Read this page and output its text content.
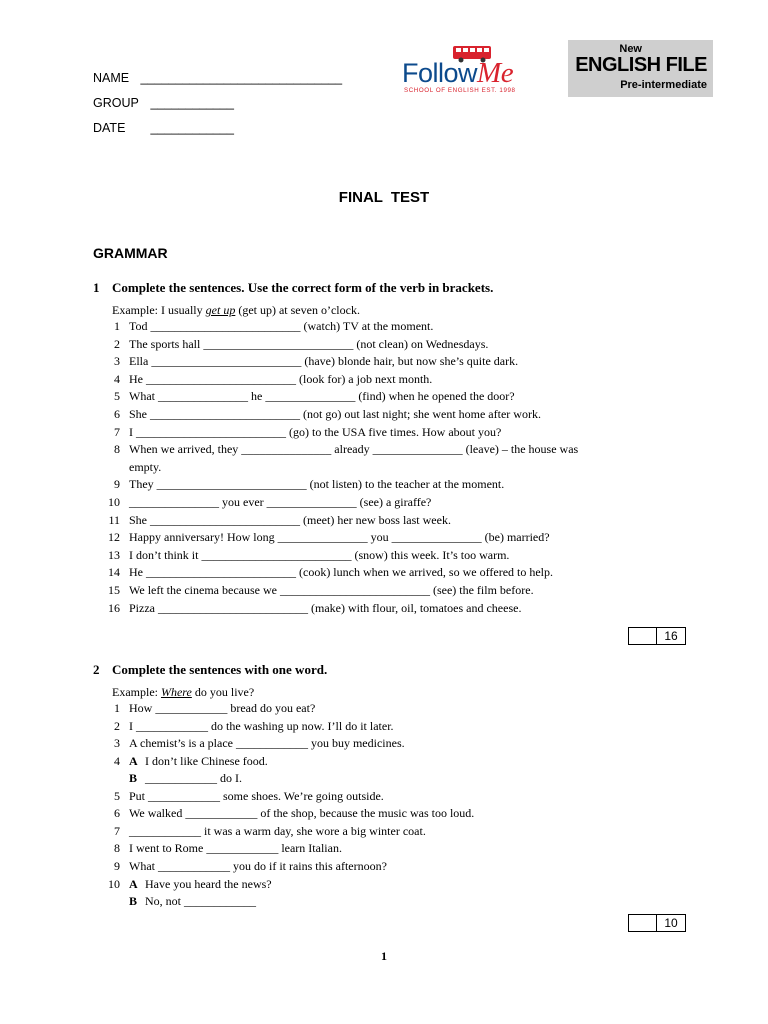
NAME _____________________________
GROUP ____________
DATE ____________
FollowMe
SCHOOL OF ENGLISH EST. 1998
New
ENGLISH FILE
Pre-intermediate
FINAL TEST
GRAMMAR
1 Complete the sentences. Use the correct form of the verb in brackets.
Example: I usually get up (get up) at seven o’clock.
1 Tod _________________________ (watch) TV at the moment.
2 The sports hall _________________________ (not clean) on Wednesdays.
3 Ella _________________________ (have) blonde hair, but now she’s quite dark.
4 He _________________________ (look for) a job next month.
5 What _______________ he _______________ (find) when he opened the door?
6 She _________________________ (not go) out last night; she went home after work.
7 I _________________________ (go) to the USA five times. How about you?
8 When we arrived, they _______________ already _______________ (leave) – the house was
empty.
9 They _________________________ (not listen) to the teacher at the moment.
10 _______________ you ever _______________ (see) a giraffe?
11 She _________________________ (meet) her new boss last week.
12 Happy anniversary! How long _______________ you _______________ (be) married?
13 I don’t think it _________________________ (snow) this week. It’s too warm.
14 He _________________________ (cook) lunch when we arrived, so we offered to help.
15 We left the cinema because we _________________________ (see) the film before.
16 Pizza _________________________ (make) with flour, oil, tomatoes and cheese.
16
2 Complete the sentences with one word.
Example: Where do you live?
1 How ____________ bread do you eat?
2 I ____________ do the washing up now. I’ll do it later.
3 A chemist’s is a place ____________ you buy medicines.
4 A I don’t like Chinese food.
B ____________ do I.
5 Put ____________ some shoes. We’re going outside.
6 We walked ____________ of the shop, because the music was too loud.
7 ____________ it was a warm day, she wore a big winter coat.
8 I went to Rome ____________ learn Italian.
9 What ____________ you do if it rains this afternoon?
10 A Have you heard the news?
B No, not ____________
10
1
